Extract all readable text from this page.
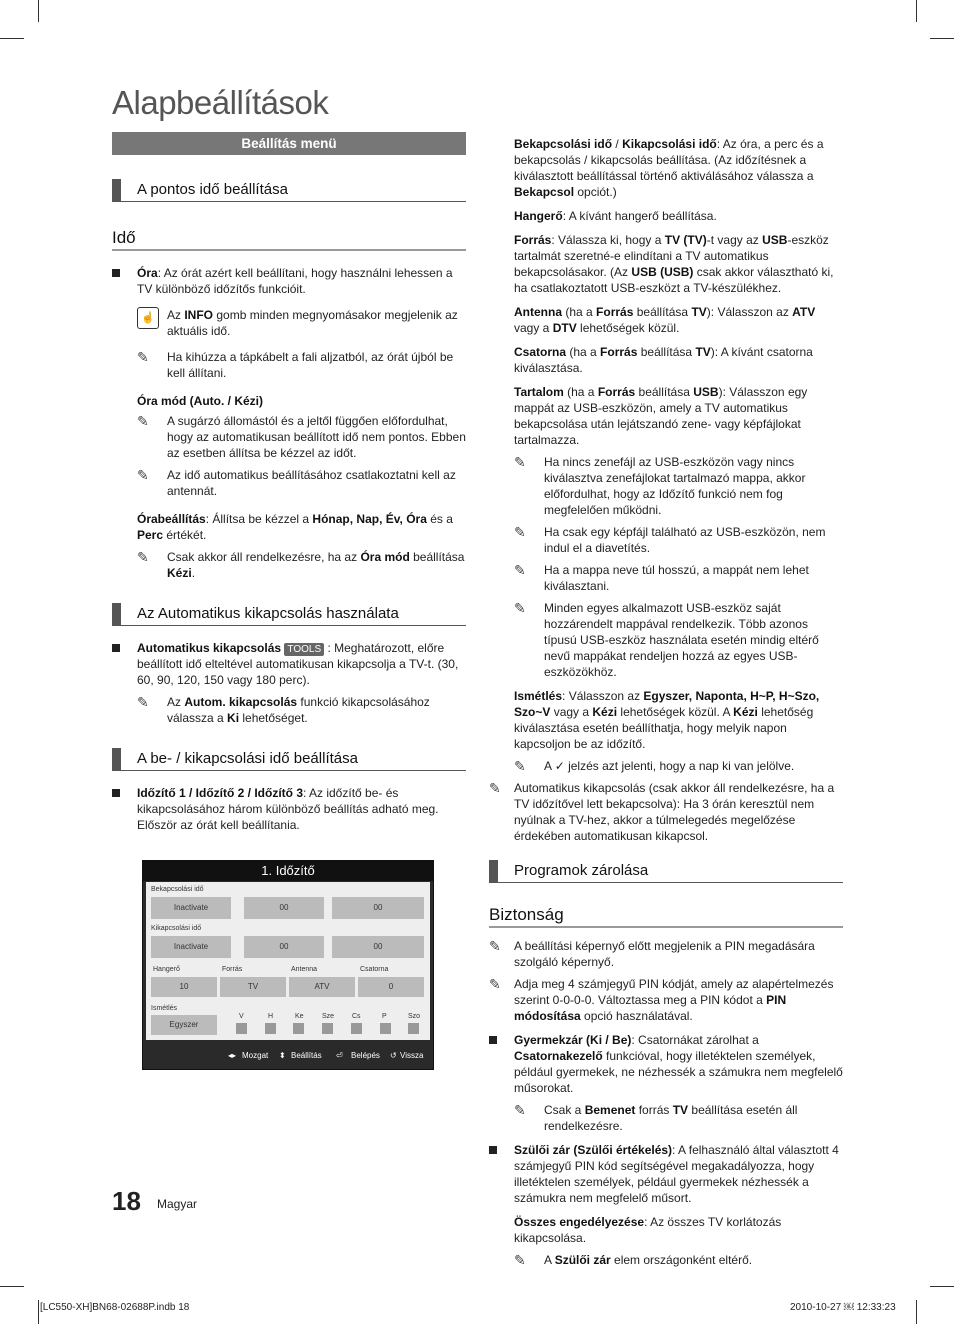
Alapbeállítások
Beállítás menü
A pontos idő beállítása
Idő
Óra: Az órát azért kell beállítani, hogy használni lehessen a TV különböző időzítős funkcióit.
☝	Az INFO gomb minden megnyomásakor megjelenik az aktuális idő.
✎ Ha kihúzza a tápkábelt a fali aljzatból, az órát újból be kell állítani.
Óra mód (Auto. / Kézi)
✎ A sugárzó állomástól és a jeltől függően előfordulhat, hogy az automatikusan beállított idő nem pontos. Ebben az esetben állítsa be kézzel az időt.
✎ Az idő automatikus beállításához csatlakoztatni kell az antennát.
Órabeállítás: Állítsa be kézzel a Hónap, Nap, Év, Óra és a Perc értékét.
✎ Csak akkor áll rendelkezésre, ha az Óra mód beállítása Kézi.
Az Automatikus kikapcsolás használata
Automatikus kikapcsolás TOOLS : Meghatározott, előre beállított idő elteltével automatikusan kikapcsolja a TV-t. (30, 60, 90, 120, 150 vagy 180 perc).
✎ Az Autom. kikapcsolás funkció kikapcsolásához válassza a Ki lehetőséget.
A be- / kikapcsolási idő beállítása
Időzítő 1 / Időzítő 2 / Időzítő 3: Az időzítő be- és kikapcsolásához három különböző beállítás adható meg. Először az órát kell beállítania.
1. Időzítő
Bekapcsolási idő
Inactivate	00	00
Kikapcsolási idő
Inactivate	00	00
Hangerő	Forrás	Antenna	Csatorna
10	TV	ATV	0
Ismétlés
Egyszer
V	H	Ke	Sze	Cs	P	Szo
◂▸ Mozgat ⬍ Beállítás ⏎ Belépés ↺ Vissza
Bekapcsolási idő / Kikapcsolási idő: Az óra, a perc és a bekapcsolás / kikapcsolás beállítása. (Az időzítésnek a kiválasztott beállítással történő aktiválásához válassza a Bekapcsol opciót.)
Hangerő: A kívánt hangerő beállítása.
Forrás: Válassza ki, hogy a TV (TV)-t vagy az USB-eszköz tartalmát szeretné-e elindítani a TV automatikus bekapcsolásakor. (Az USB (USB) csak akkor választható ki, ha csatlakoztatott USB-eszközt a TV-készülékhez.
Antenna (ha a Forrás beállítása TV): Válasszon az ATV vagy a DTV lehetőségek közül.
Csatorna (ha a Forrás beállítása TV): A kívánt csatorna kiválasztása.
Tartalom (ha a Forrás beállítása USB): Válasszon egy mappát az USB-eszközön, amely a TV automatikus bekapcsolása után lejátszandó zene- vagy képfájlokat tartalmazza.
✎ Ha nincs zenefájl az USB-eszközön vagy nincs kiválasztva zenefájlokat tartalmazó mappa, akkor előfordulhat, hogy az Időzítő funkció nem fog megfelelően működni.
✎ Ha csak egy képfájl található az USB-eszközön, nem indul el a diavetítés.
✎ Ha a mappa neve túl hosszú, a mappát nem lehet kiválasztani.
✎ Minden egyes alkalmazott USB-eszköz saját hozzárendelt mappával rendelkezik. Több azonos típusú USB-eszköz használata esetén mindig eltérő nevű mappákat rendeljen hozzá az egyes USB-eszközökhöz.
Ismétlés: Válasszon az Egyszer, Naponta, H~P, H~Szo, Szo~V vagy a Kézi lehetőségek közül. A Kézi lehetőség kiválasztása esetén beállíthatja, hogy melyik napon kapcsoljon be az időzítő.
✎ A ✓ jelzés azt jelenti, hogy a nap ki van jelölve.
✎ Automatikus kikapcsolás (csak akkor áll rendelkezésre, ha a TV időzítővel lett bekapcsolva): Ha 3 órán keresztül nem nyúlnak a TV-hez, akkor a túlmelegedés megelőzése érdekében automatikusan kikapcsol.
Programok zárolása
Biztonság
✎ A beállítási képernyő előtt megjelenik a PIN megadására szolgáló képernyő.
✎ Adja meg 4 számjegyű PIN kódját, amely az alapértelmezés szerint 0-0-0-0. Változtassa meg a PIN kódot a PIN módosítása opció használatával.
Gyermekzár (Ki / Be): Csatornákat zárolhat a Csatornakezelő funkcióval, hogy illetéktelen személyek, például gyermekek, ne nézhessék a számukra nem megfelelő műsorokat.
✎ Csak a Bemenet forrás TV beállítása esetén áll rendelkezésre.
Szülői zár (Szülői értékelés): A felhasználó által választott 4 számjegyű PIN kód segítségével megakadályozza, hogy illetéktelen személyek, például gyermekek nézhessék a számukra nem megfelelő műsort.
Összes engedélyezése: Az összes TV korlátozás kikapcsolása.
✎ A Szülői zár elem országonként eltérő.
18 Magyar
[LC550-XH]BN68-02688P.indb 18	2010-10-27 ￼ 12:33:23
